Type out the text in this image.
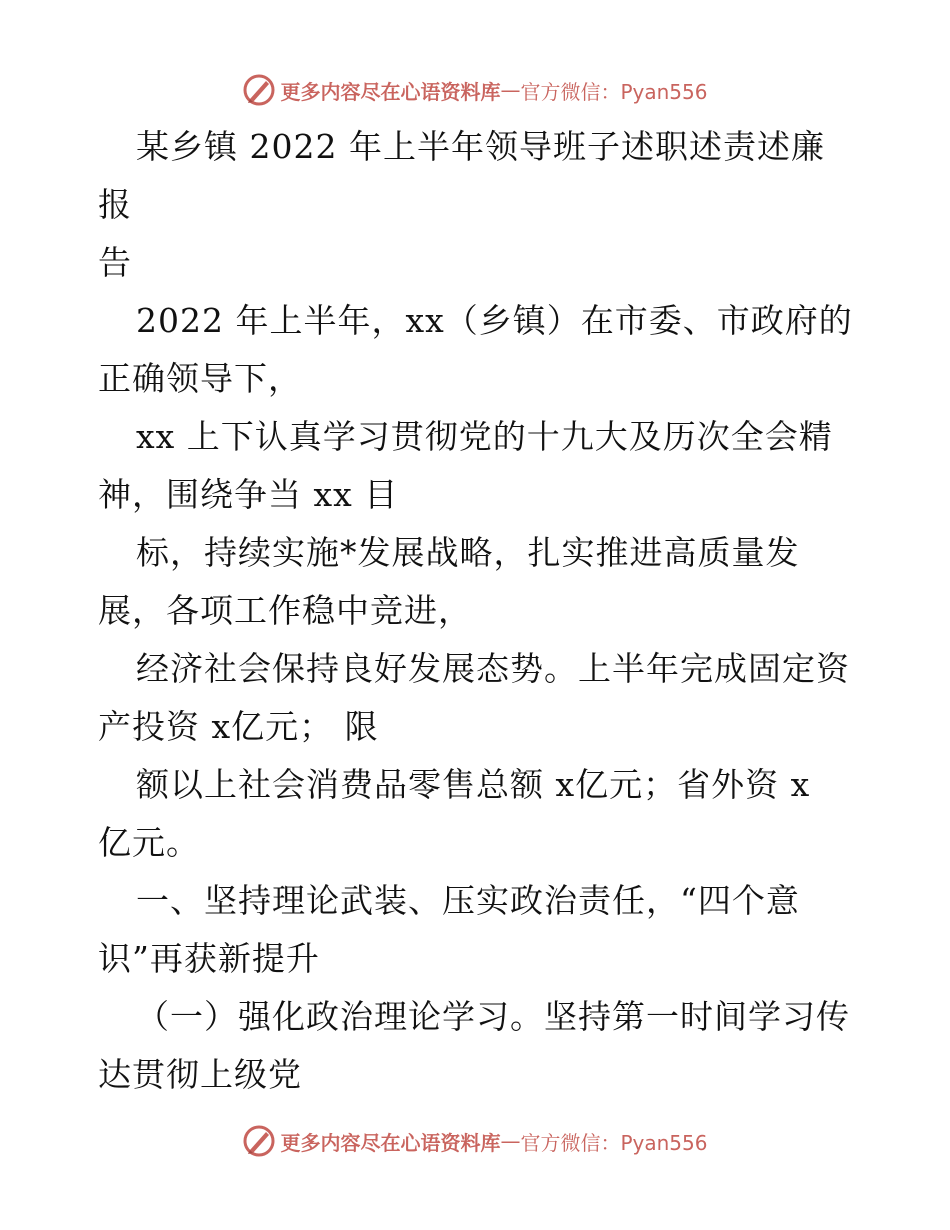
更多内容尽在心语资料库 — 官方微信：Pyan556

某乡镇 2022 年上半年领导班子述职述责述廉报
告

2022 年上半年，xx（乡镇）在市委、市政府的
正确领导下，

xx 上下认真学习贯彻党的十九大及历次全会精
神，围绕争当 xx 目

标，持续实施*发展战略，扎实推进高质量发
展，各项工作稳中竞进，

经济社会保持良好发展态势。上半年完成固定资
产投资 x亿元； 限

额以上社会消费品零售总额 x亿元；省外资 x
亿元。

一、坚持理论武装、压实政治责任，“四个意
识”再获新提升

（一）强化政治理论学习。坚持第一时间学习传
达贯彻上级党

更多内容尽在心语资料库 — 官方微信：Pyan556
